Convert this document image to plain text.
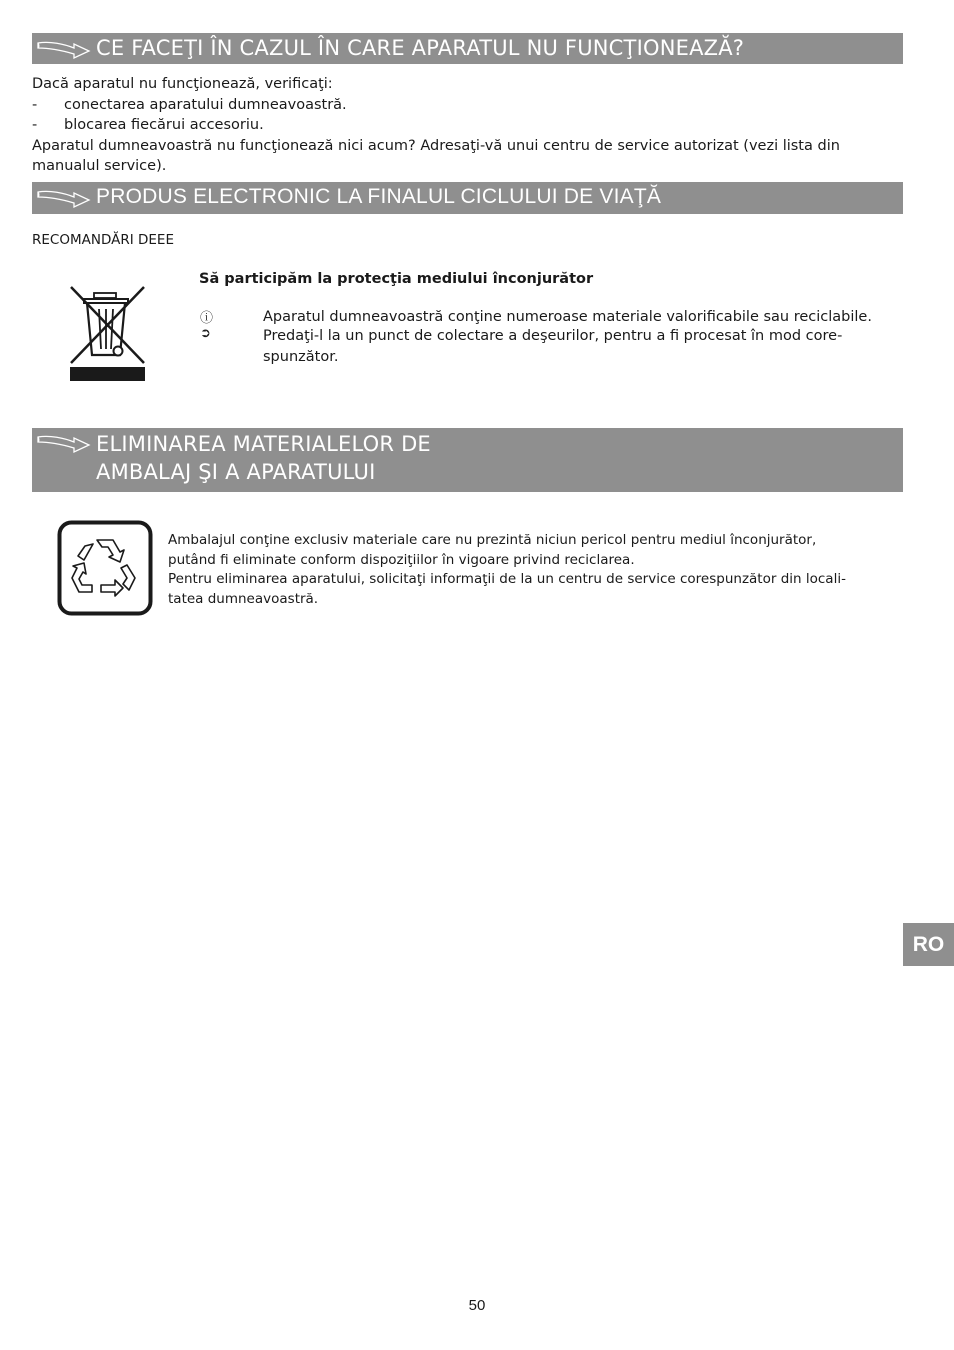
CE FACEŢI ÎN CAZUL ÎN CARE APARATUL NU FUNCŢIONEAZĂ?

Dacă aparatul nu funcţionează, verificaţi:

- conectarea aparatului dumneavoastră.

- blocarea fiecărui accesoriu.

Aparatul dumneavoastră nu funcţionează nici acum? Adresaţi-vă unui centru de service autorizat (vezi lista din

manualul service).

PRODUS ELECTRONIC LA FINALUL CICLULUI DE VIAŢĂ
RECOMANDĂRI DEEE
Să participăm la protecţia mediului înconjurător
ⓘ
➲
Aparatul dumneavoastră conţine numeroase materiale valorificabile sau reciclabile.
Predaţi-l la un punct de colectare a deşeurilor, pentru a fi procesat în mod core-
spunzător.
ELIMINAREA MATERIALELOR DE
AMBALAJ ŞI A APARATULUI
Ambalajul conţine exclusiv materiale care nu prezintă niciun pericol pentru mediul înconjurător,
putând fi eliminate conform dispoziţiilor în vigoare privind reciclarea.
Pentru eliminarea aparatului, solicitaţi informaţii de la un centru de service corespunzător din locali-
tatea dumneavoastră.
RO
50
